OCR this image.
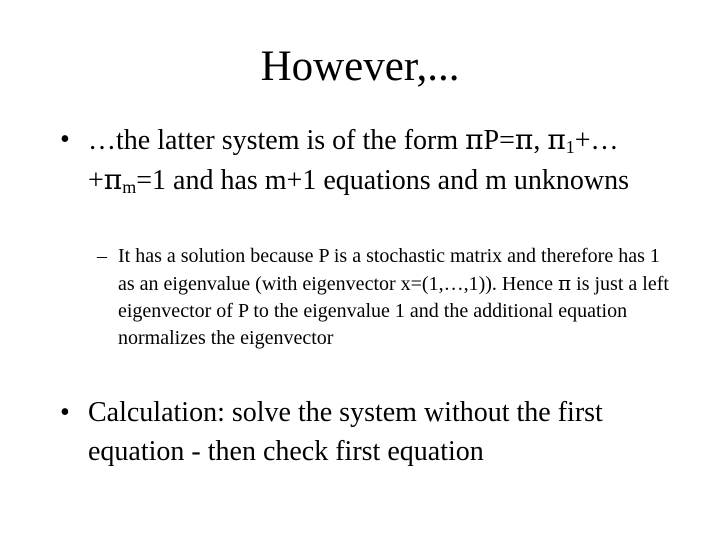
However,...
• …the latter system is of the form πP=π, $\pi_1+\dots+\pi_m=1$ and has m+1 equations and m unknowns
– It has a solution because P is a stochastic matrix and therefore has 1 as an eigenvalue (with eigenvector x=(1,…,1)). Hence π is just a left eigenvector of P to the eigenvalue 1 and the additional equation normalizes the eigenvector
• Calculation: solve the system without the first equation - then check first equation
